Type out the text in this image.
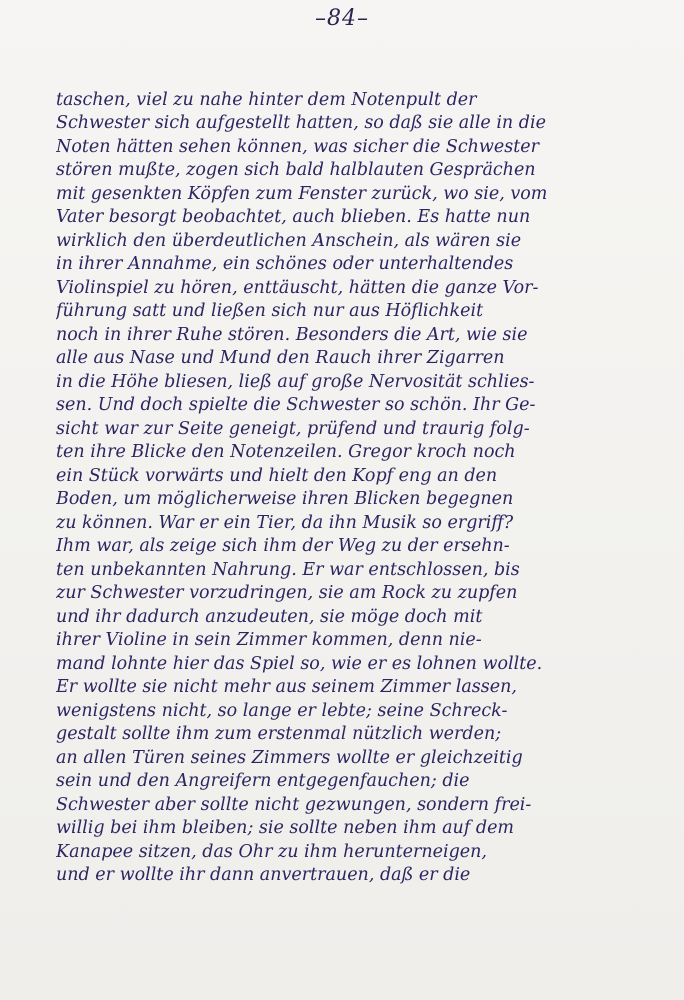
–84–
taschen, viel zu nahe hinter dem Notenpult der
Schwester sich aufgestellt hatten, so daß sie alle in die
Noten hätten sehen können, was sicher die Schwester
stören mußte, zogen sich bald halblauten Gesprächen
mit gesenkten Köpfen zum Fenster zurück, wo sie, vom
Vater besorgt beobachtet, auch blieben. Es hatte nun
wirklich den überdeutlichen Anschein, als wären sie
in ihrer Annahme, ein schönes oder unterhaltendes
Violinspiel zu hören, enttäuscht, hätten die ganze Vor-
führung satt und ließen sich nur aus Höflichkeit
noch in ihrer Ruhe stören. Besonders die Art, wie sie
alle aus Nase und Mund den Rauch ihrer Zigarren
in die Höhe bliesen, ließ auf große Nervosität schlies-
sen. Und doch spielte die Schwester so schön. Ihr Ge-
sicht war zur Seite geneigt, prüfend und traurig folg-
ten ihre Blicke den Notenzeilen. Gregor kroch noch
ein Stück vorwärts und hielt den Kopf eng an den
Boden, um möglicherweise ihren Blicken begegnen
zu können. War er ein Tier, da ihn Musik so ergriff?
Ihm war, als zeige sich ihm der Weg zu der ersehn-
ten unbekannten Nahrung. Er war entschlossen, bis
zur Schwester vorzudringen, sie am Rock zu zupfen
und ihr dadurch anzudeuten, sie möge doch mit
ihrer Violine in sein Zimmer kommen, denn nie-
mand lohnte hier das Spiel so, wie er es lohnen wollte.
Er wollte sie nicht mehr aus seinem Zimmer lassen,
wenigstens nicht, so lange er lebte; seine Schreck-
gestalt sollte ihm zum erstenmal nützlich werden;
an allen Türen seines Zimmers wollte er gleichzeitig
sein und den Angreifern entgegenfauchen; die
Schwester aber sollte nicht gezwungen, sondern frei-
willig bei ihm bleiben; sie sollte neben ihm auf dem
Kanapee sitzen, das Ohr zu ihm herunterneigen,
und er wollte ihr dann anvertrauen, daß er die
